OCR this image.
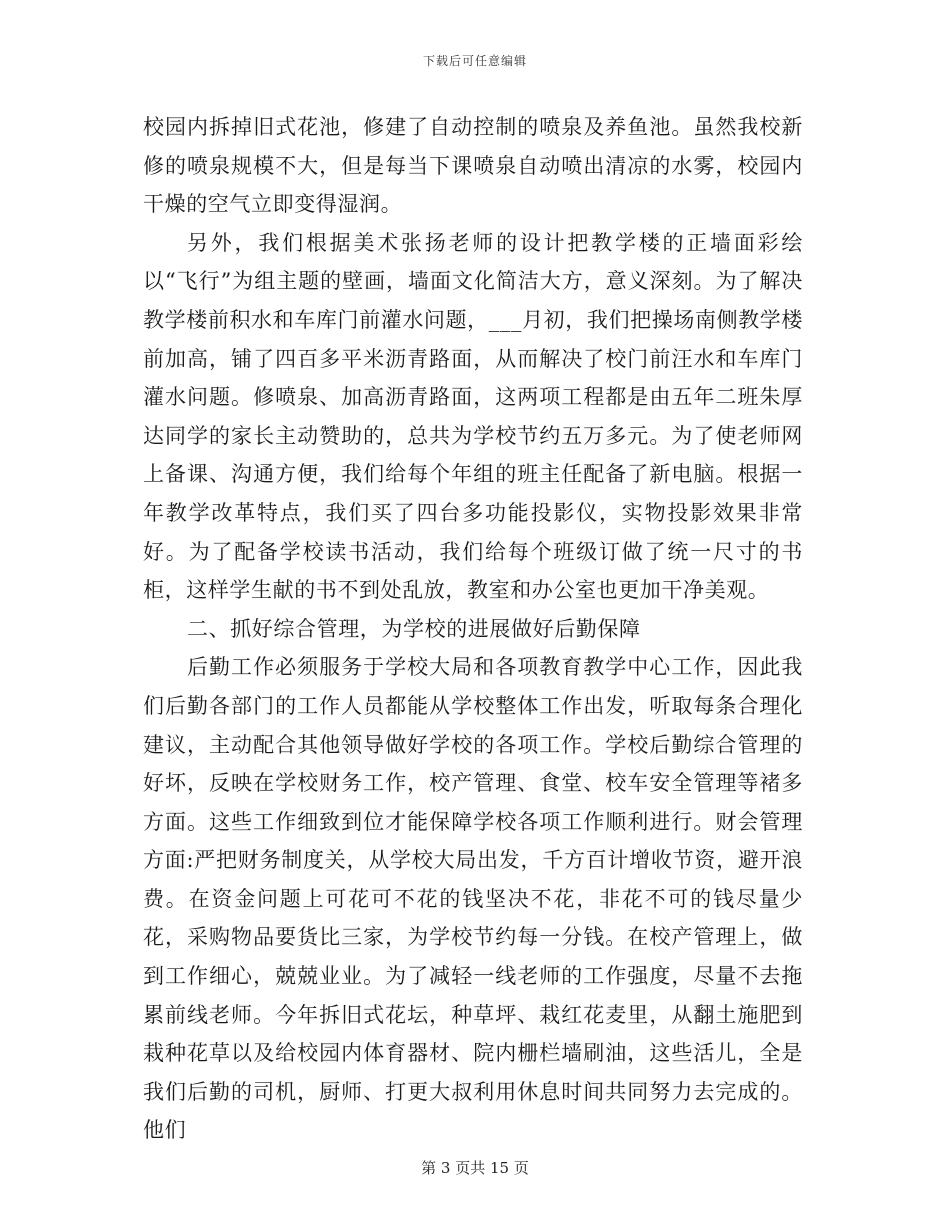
下载后可任意编辑

校园内拆掉旧式花池，修建了自动控制的喷泉及养鱼池。虽然我校新修的喷泉规模不大，但是每当下课喷泉自动喷出清凉的水雾，校园内干燥的空气立即变得湿润。

另外，我们根据美术张扬老师的设计把教学楼的正墙面彩绘以“飞行”为组主题的壁画，墙面文化简洁大方，意义深刻。为了解决教学楼前积水和车库门前灌水问题，___月初，我们把操场南侧教学楼前加高，铺了四百多平米沥青路面，从而解决了校门前汪水和车库门灌水问题。修喷泉、加高沥青路面，这两项工程都是由五年二班朱厚达同学的家长主动赞助的，总共为学校节约五万多元。为了使老师网上备课、沟通方便，我们给每个年组的班主任配备了新电脑。根据一年教学改革特点，我们买了四台多功能投影仪，实物投影效果非常好。为了配备学校读书活动，我们给每个班级订做了统一尺寸的书柜，这样学生献的书不到处乱放，教室和办公室也更加干净美观。

二、抓好综合管理，为学校的进展做好后勤保障

后勤工作必须服务于学校大局和各项教育教学中心工作，因此我们后勤各部门的工作人员都能从学校整体工作出发，听取每条合理化建议，主动配合其他领导做好学校的各项工作。学校后勤综合管理的好坏，反映在学校财务工作，校产管理、食堂、校车安全管理等褚多方面。这些工作细致到位才能保障学校各项工作顺利进行。财会管理方面:严把财务制度关，从学校大局出发，千方百计增收节资，避开浪费。在资金问题上可花可不花的钱坚决不花，非花不可的钱尽量少花，采购物品要货比三家，为学校节约每一分钱。在校产管理上，做到工作细心，兢兢业业。为了减轻一线老师的工作强度，尽量不去拖累前线老师。今年拆旧式花坛，种草坪、栽红花麦里，从翻土施肥到栽种花草以及给校园内体育器材、院内栅栏墙刷油，这些活儿，全是我们后勤的司机，厨师、打更大叔利用休息时间共同努力去完成的。他们

第 3 页共 15 页
